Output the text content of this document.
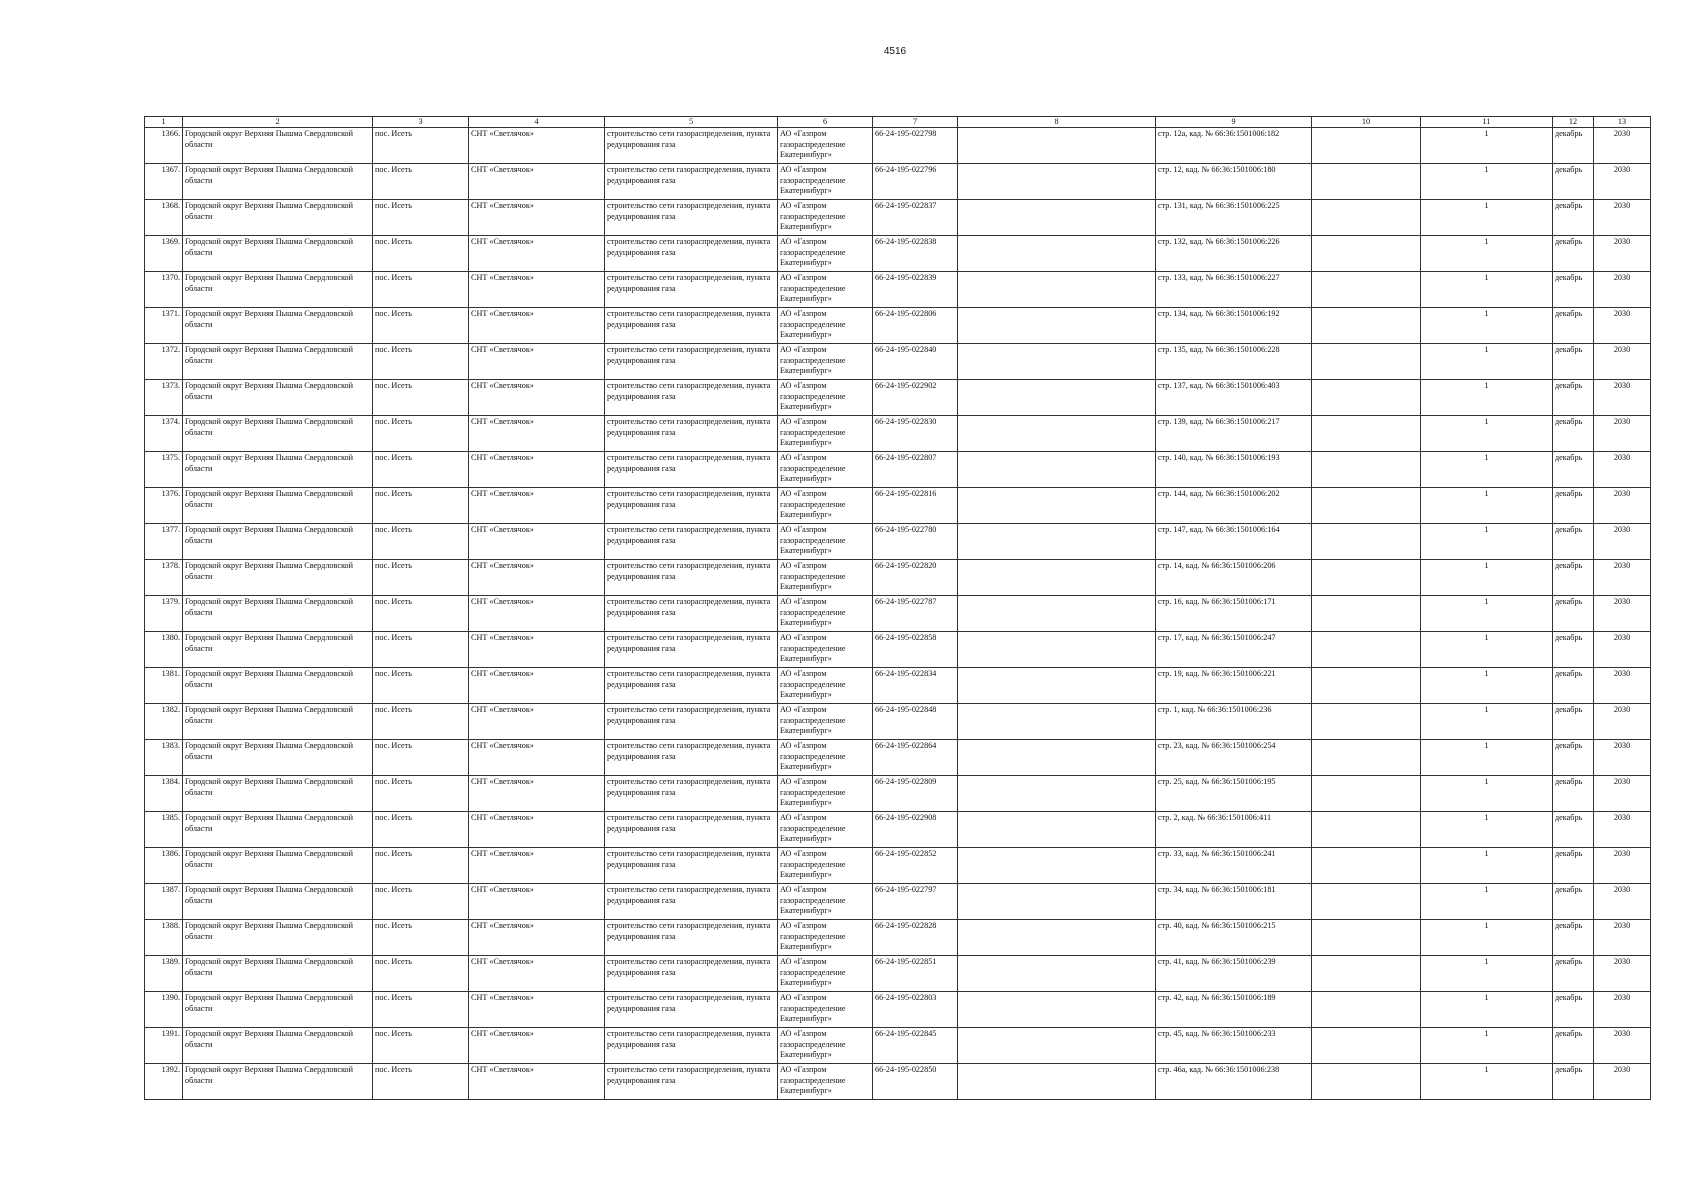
4516
1	2	3	4	5	6	7	8	9	10	11	12	13
1366.	Городской округ Верхняя Пышма Свердловской области	пос. Исеть	СНТ «Светлячок»	строительство сети газораспределения, пункта редуцирования газа	АО «Газпром газораспределение Екатеринбург»	66-24-195-022798		стр. 12а, кад. № 66:36:1501006:182		1	декабрь	2030
1367.	Городской округ Верхняя Пышма Свердловской области	пос. Исеть	СНТ «Светлячок»	строительство сети газораспределения, пункта редуцирования газа	АО «Газпром газораспределение Екатеринбург»	66-24-195-022796		стр. 12, кад. № 66:36:1501006:180		1	декабрь	2030
1368.	Городской округ Верхняя Пышма Свердловской области	пос. Исеть	СНТ «Светлячок»	строительство сети газораспределения, пункта редуцирования газа	АО «Газпром газораспределение Екатеринбург»	66-24-195-022837		стр. 131, кад. № 66:36:1501006:225		1	декабрь	2030
1369.	Городской округ Верхняя Пышма Свердловской области	пос. Исеть	СНТ «Светлячок»	строительство сети газораспределения, пункта редуцирования газа	АО «Газпром газораспределение Екатеринбург»	66-24-195-022838		стр. 132, кад. № 66:36:1501006:226		1	декабрь	2030
1370.	Городской округ Верхняя Пышма Свердловской области	пос. Исеть	СНТ «Светлячок»	строительство сети газораспределения, пункта редуцирования газа	АО «Газпром газораспределение Екатеринбург»	66-24-195-022839		стр. 133, кад. № 66:36:1501006:227		1	декабрь	2030
1371.	Городской округ Верхняя Пышма Свердловской области	пос. Исеть	СНТ «Светлячок»	строительство сети газораспределения, пункта редуцирования газа	АО «Газпром газораспределение Екатеринбург»	66-24-195-022806		стр. 134, кад. № 66:36:1501006:192		1	декабрь	2030
1372.	Городской округ Верхняя Пышма Свердловской области	пос. Исеть	СНТ «Светлячок»	строительство сети газораспределения, пункта редуцирования газа	АО «Газпром газораспределение Екатеринбург»	66-24-195-022840		стр. 135, кад. № 66:36:1501006:228		1	декабрь	2030
1373.	Городской округ Верхняя Пышма Свердловской области	пос. Исеть	СНТ «Светлячок»	строительство сети газораспределения, пункта редуцирования газа	АО «Газпром газораспределение Екатеринбург»	66-24-195-022902		стр. 137, кад. № 66:36:1501006:403		1	декабрь	2030
1374.	Городской округ Верхняя Пышма Свердловской области	пос. Исеть	СНТ «Светлячок»	строительство сети газораспределения, пункта редуцирования газа	АО «Газпром газораспределение Екатеринбург»	66-24-195-022830		стр. 139, кад. № 66:36:1501006:217		1	декабрь	2030
1375.	Городской округ Верхняя Пышма Свердловской области	пос. Исеть	СНТ «Светлячок»	строительство сети газораспределения, пункта редуцирования газа	АО «Газпром газораспределение Екатеринбург»	66-24-195-022807		стр. 140, кад. № 66:36:1501006:193		1	декабрь	2030
1376.	Городской округ Верхняя Пышма Свердловской области	пос. Исеть	СНТ «Светлячок»	строительство сети газораспределения, пункта редуцирования газа	АО «Газпром газораспределение Екатеринбург»	66-24-195-022816		стр. 144, кад. № 66:36:1501006:202		1	декабрь	2030
1377.	Городской округ Верхняя Пышма Свердловской области	пос. Исеть	СНТ «Светлячок»	строительство сети газораспределения, пункта редуцирования газа	АО «Газпром газораспределение Екатеринбург»	66-24-195-022780		стр. 147, кад. № 66:36:1501006:164		1	декабрь	2030
1378.	Городской округ Верхняя Пышма Свердловской области	пос. Исеть	СНТ «Светлячок»	строительство сети газораспределения, пункта редуцирования газа	АО «Газпром газораспределение Екатеринбург»	66-24-195-022820		стр. 14, кад. № 66:36:1501006:206		1	декабрь	2030
1379.	Городской округ Верхняя Пышма Свердловской области	пос. Исеть	СНТ «Светлячок»	строительство сети газораспределения, пункта редуцирования газа	АО «Газпром газораспределение Екатеринбург»	66-24-195-022787		стр. 16, кад. № 66:36:1501006:171		1	декабрь	2030
1380.	Городской округ Верхняя Пышма Свердловской области	пос. Исеть	СНТ «Светлячок»	строительство сети газораспределения, пункта редуцирования газа	АО «Газпром газораспределение Екатеринбург»	66-24-195-022858		стр. 17, кад. № 66:36:1501006:247		1	декабрь	2030
1381.	Городской округ Верхняя Пышма Свердловской области	пос. Исеть	СНТ «Светлячок»	строительство сети газораспределения, пункта редуцирования газа	АО «Газпром газораспределение Екатеринбург»	66-24-195-022834		стр. 19, кад. № 66:36:1501006:221		1	декабрь	2030
1382.	Городской округ Верхняя Пышма Свердловской области	пос. Исеть	СНТ «Светлячок»	строительство сети газораспределения, пункта редуцирования газа	АО «Газпром газораспределение Екатеринбург»	66-24-195-022848		стр. 1, кад. № 66:36:1501006:236		1	декабрь	2030
1383.	Городской округ Верхняя Пышма Свердловской области	пос. Исеть	СНТ «Светлячок»	строительство сети газораспределения, пункта редуцирования газа	АО «Газпром газораспределение Екатеринбург»	66-24-195-022864		стр. 23, кад. № 66:36:1501006:254		1	декабрь	2030
1384.	Городской округ Верхняя Пышма Свердловской области	пос. Исеть	СНТ «Светлячок»	строительство сети газораспределения, пункта редуцирования газа	АО «Газпром газораспределение Екатеринбург»	66-24-195-022809		стр. 25, кад. № 66:36:1501006:195		1	декабрь	2030
1385.	Городской округ Верхняя Пышма Свердловской области	пос. Исеть	СНТ «Светлячок»	строительство сети газораспределения, пункта редуцирования газа	АО «Газпром газораспределение Екатеринбург»	66-24-195-022908		стр. 2, кад. № 66:36:1501006:411		1	декабрь	2030
1386.	Городской округ Верхняя Пышма Свердловской области	пос. Исеть	СНТ «Светлячок»	строительство сети газораспределения, пункта редуцирования газа	АО «Газпром газораспределение Екатеринбург»	66-24-195-022852		стр. 33, кад. № 66:36:1501006:241		1	декабрь	2030
1387.	Городской округ Верхняя Пышма Свердловской области	пос. Исеть	СНТ «Светлячок»	строительство сети газораспределения, пункта редуцирования газа	АО «Газпром газораспределение Екатеринбург»	66-24-195-022797		стр. 34, кад. № 66:36:1501006:181		1	декабрь	2030
1388.	Городской округ Верхняя Пышма Свердловской области	пос. Исеть	СНТ «Светлячок»	строительство сети газораспределения, пункта редуцирования газа	АО «Газпром газораспределение Екатеринбург»	66-24-195-022828		стр. 40, кад. № 66:36:1501006:215		1	декабрь	2030
1389.	Городской округ Верхняя Пышма Свердловской области	пос. Исеть	СНТ «Светлячок»	строительство сети газораспределения, пункта редуцирования газа	АО «Газпром газораспределение Екатеринбург»	66-24-195-022851		стр. 41, кад. № 66:36:1501006:239		1	декабрь	2030
1390.	Городской округ Верхняя Пышма Свердловской области	пос. Исеть	СНТ «Светлячок»	строительство сети газораспределения, пункта редуцирования газа	АО «Газпром газораспределение Екатеринбург»	66-24-195-022803		стр. 42, кад. № 66:36:1501006:189		1	декабрь	2030
1391.	Городской округ Верхняя Пышма Свердловской области	пос. Исеть	СНТ «Светлячок»	строительство сети газораспределения, пункта редуцирования газа	АО «Газпром газораспределение Екатеринбург»	66-24-195-022845		стр. 45, кад. № 66:36:1501006:233		1	декабрь	2030
1392.	Городской округ Верхняя Пышма Свердловской области	пос. Исеть	СНТ «Светлячок»	строительство сети газораспределения, пункта редуцирования газа	АО «Газпром газораспределение Екатеринбург»	66-24-195-022850		стр. 46а, кад. № 66:36:1501006:238		1	декабрь	2030
